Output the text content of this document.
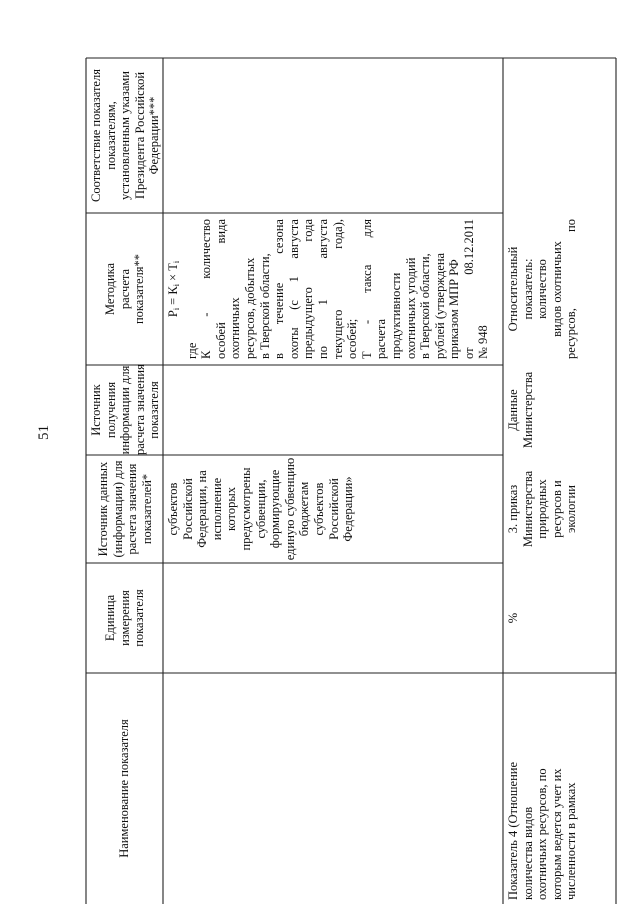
51
Наименование показателя
Единица измерения показателя
Источник данных (информации) для расчета значения показателей*
Источник получения информации для расчета значения показателя
Методика расчета показателя**
Соответствие показателя показателям, установленным указами Президента Российской Федерации***
субъектов Российской Федерации, на исполнение которых предусмотрены субвенции, формирующие единую субвенцию бюджетам субъектов Российской Федерации»
$Р_i = К_i \times Т_i$
где К
-
количество
особей
вида
охотничьих ресурсов, добытых в Тверской области, в
течение
сезона
охоты
(с
1
августа
предыдущего
года
по
1
августа
текущего
года),
особей; Т
-
такса
для
расчета продуктивности охотничьих угодий в Тверской области, рублей (утверждена приказом МПР РФ от
08.12.2011
№ 948
Показатель 4 (Отношение количества видов охотничьих ресурсов, по которым ведется учет их численности в рамках
%
3. приказ Министерства природных ресурсов и экологии
Данные Министерства
Относительный показатель: количество видов охотничьих ресурсов,
по
